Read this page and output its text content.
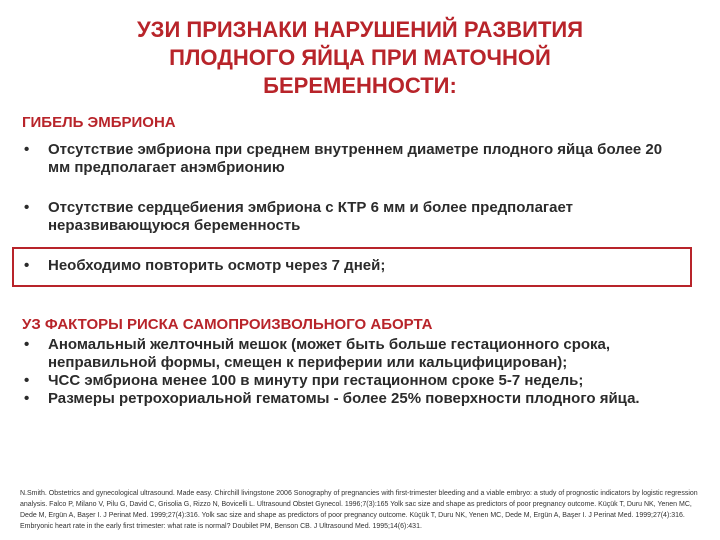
УЗИ ПРИЗНАКИ НАРУШЕНИЙ РАЗВИТИЯ
ПЛОДНОГО ЯЙЦА ПРИ МАТОЧНОЙ
БЕРЕМЕННОСТИ:
ГИБЕЛЬ ЭМБРИОНА
• Отсутствие эмбриона при среднем внутреннем диаметре плодного яйца более 20 мм предполагает анэмбрионию
• Отсутствие сердцебиения эмбриона с КТР 6 мм и более предполагает неразвивающуюся беременность
• Необходимо повторить осмотр через 7 дней;
УЗ ФАКТОРЫ РИСКА САМОПРОИЗВОЛЬНОГО АБОРТА
• Аномальный желточный мешок (может быть больше гестационного срока, неправильной формы, смещен к периферии или кальцифицирован);
• ЧСС эмбриона менее 100 в минуту при гестационном сроке 5-7 недель;
• Размеры ретрохориальной гематомы - более 25% поверхности плодного яйца.
N.Smith. Obstetrics and gynecological ultrasound. Made easy. Chirchill livingstone 2006 Sonography of pregnancies with first-trimester bleeding and a viable embryo: a study of prognostic indicators by logistic regression analysis. Falco P, Milano V, Pilu G, David C, Grisolia G, Rizzo N, Bovicelli L. Ultrasound Obstet Gynecol. 1996;7(3):165 Yolk sac size and shape as predictors of poor pregnancy outcome. Küçük T, Duru NK, Yenen MC, Dede M, Ergün A, Başer I. J Perinat Med. 1999;27(4):316. Yolk sac size and shape as predictors of poor pregnancy outcome. Küçük T, Duru NK, Yenen MC, Dede M, Ergün A, Başer I. J Perinat Med. 1999;27(4):316. Embryonic heart rate in the early first trimester: what rate is normal? Doubilet PM, Benson CB. J Ultrasound Med. 1995;14(6):431.
